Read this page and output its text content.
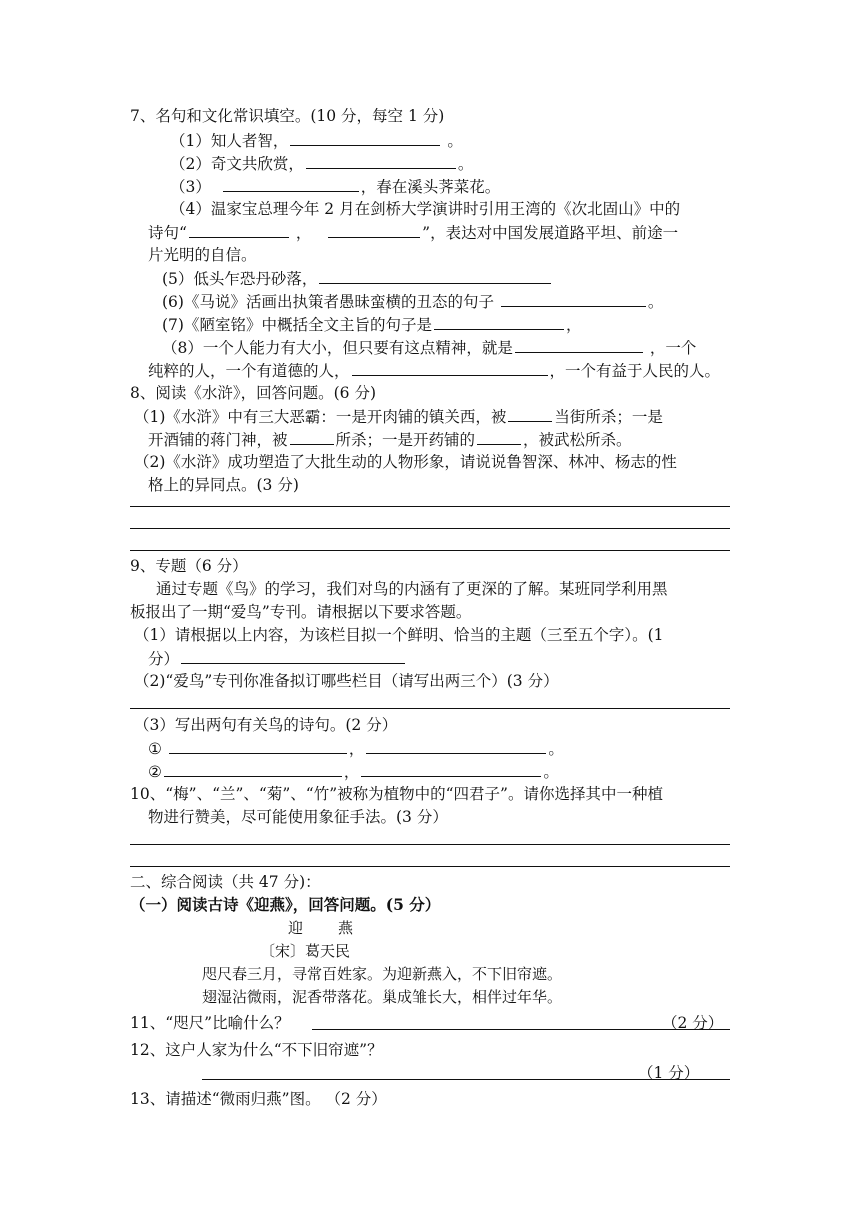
7、名句和文化常识填空。(10 分，每空 1 分)
（1）知人者智，	。
（2）奇文共欣赏，	。
（3）	，春在溪头荠菜花。
（4）温家宝总理今年 2 月在剑桥大学演讲时引用王湾的《次北固山》中的
诗句“	，	”，表达对中国发展道路平坦、前途一
片光明的自信。
(5）低头乍恐丹砂落，
(6)《马说》活画出执策者愚昧蛮横的丑态的句子	。
(7)《陋室铭》中概括全文主旨的句子是	，
（8）一个人能力有大小，但只要有这点精神，就是	，一个
纯粹的人，一个有道德的人，	，一个有益于人民的人。
8、阅读《水浒》，回答问题。(6 分)
（1)《水浒》中有三大恶霸：一是开肉铺的镇关西，被	当街所杀；一是
开酒铺的蒋门神，被	所杀；一是开药铺的	，被武松所杀。
（2)《水浒》成功塑造了大批生动的人物形象，请说说鲁智深、林冲、杨志的性
格上的异同点。(3 分)
9、专题（6 分）
通过专题《鸟》的学习，我们对鸟的内涵有了更深的了解。某班同学利用黑
板报出了一期“爱鸟”专刊。请根据以下要求答题。
（1）请根据以上内容，为该栏目拟一个鲜明、恰当的主题（三至五个字）。(1
分）
（2)“爱鸟”专刊你准备拟订哪些栏目（请写出两三个）(3 分）
（3）写出两句有关鸟的诗句。(2 分）
①	，	。
②	，	。
10、“梅”、“兰”、“菊”、“竹”被称为植物中的“四君子”。请你选择其中一种植
物进行赞美，尽可能使用象征手法。(3 分）
二、综合阅读（共 47 分)：
（一）阅读古诗《迎燕》，回答问题。(5 分）
迎 燕
〔宋〕葛天民
咫尺春三月，寻常百姓家。为迎新燕入，不下旧帘遮。
翅湿沾微雨，泥香带落花。巢成雏长大，相伴过年华。
11、“咫尺”比喻什么？	（2 分）
12、这户人家为什么“不下旧帘遮”？
（1 分）
13、请描述“微雨归燕”图。 （2 分）
